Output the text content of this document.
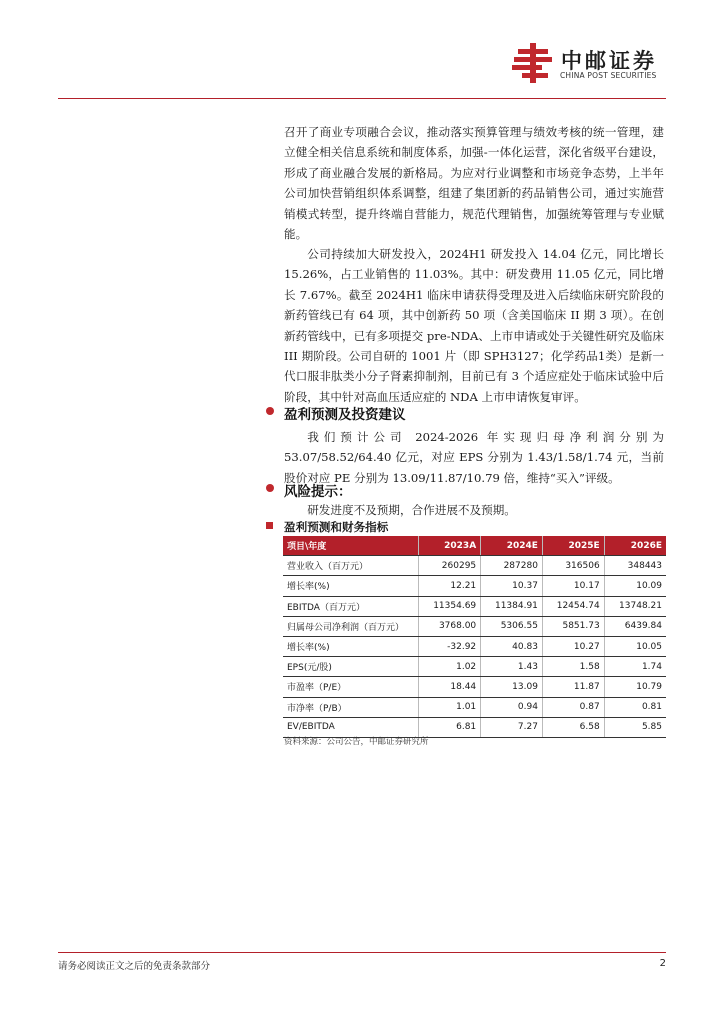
中邮证券
CHINA POST SECURITIES
召开了商业专项融合会议，推动落实预算管理与绩效考核的统一管理，建立健全相关信息系统和制度体系，加强-一体化运营，深化省级平台建设，形成了商业融合发展的新格局。为应对行业调整和市场竞争态势，上半年公司加快营销组织体系调整，组建了集团新的药品销售公司，通过实施营销模式转型，提升终端自营能力，规范代理销售，加强统筹管理与专业赋能。
公司持续加大研发投入，2024H1 研发投入 14.04 亿元，同比增长 15.26%，占工业销售的 11.03%。其中：研发费用 11.05 亿元，同比增长 7.67%。截至 2024H1 临床申请获得受理及进入后续临床研究阶段的新药管线已有 64 项，其中创新药 50 项（含美国临床 II 期 3 项）。在创新药管线中，已有多项提交 pre-NDA、上市申请或处于关键性研究及临床 III 期阶段。公司自研的 1001 片（即 SPH3127；化学药品1类）是新一代口服非肽类小分子肾素抑制剂，目前已有 3 个适应症处于临床试验中后阶段，其中针对高血压适应症的 NDA 上市申请恢复审评。
盈利预测及投资建议
我们预计公司 2024-2026 年实现归母净利润分别为 53.07/58.52/64.40 亿元，对应 EPS 分别为 1.43/1.58/1.74 元，当前股价对应 PE 分别为 13.09/11.87/10.79 倍，维持“买入”评级。
风险提示：
研发进度不及预期，合作进展不及预期。
盈利预测和财务指标
项目\年度	2023A	2024E	2025E	2026E
营业收入（百万元）	260295	287280	316506	348443
增长率(%)	12.21	10.37	10.17	10.09
EBITDA（百万元）	11354.69	11384.91	12454.74	13748.21
归属母公司净利润（百万元）	3768.00	5306.55	5851.73	6439.84
增长率(%)	-32.92	40.83	10.27	10.05
EPS(元/股)	1.02	1.43	1.58	1.74
市盈率（P/E）	18.44	13.09	11.87	10.79
市净率（P/B）	1.01	0.94	0.87	0.81
EV/EBITDA	6.81	7.27	6.58	5.85
资料来源：公司公告，中邮证券研究所
请务必阅读正文之后的免责条款部分	2
